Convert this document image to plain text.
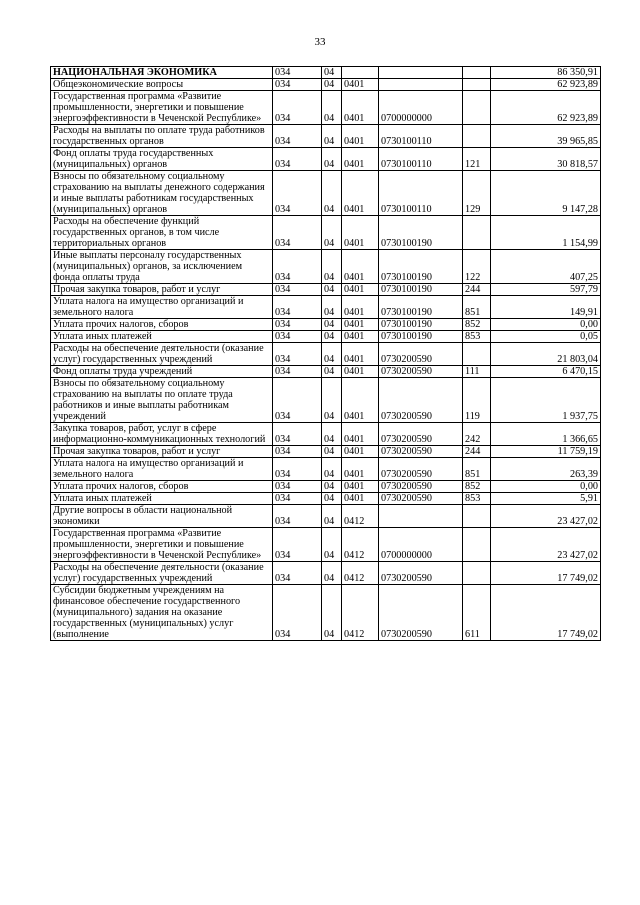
33
НАЦИОНАЛЬНАЯ ЭКОНОМИКА	034	04				86 350,91
Общеэкономические вопросы	034	04	0401			62 923,89
Государственная программа «Развитие промышленности, энергетики и повышение энергоэффективности в Чеченской Республике»	034	04	0401	0700000000		62 923,89
Расходы на выплаты по оплате труда работников государственных органов	034	04	0401	0730100110		39 965,85
Фонд оплаты труда государственных (муниципальных) органов	034	04	0401	0730100110	121	30 818,57
Взносы по обязательному социальному страхованию на выплаты денежного содержания и иные выплаты работникам государственных (муниципальных) органов	034	04	0401	0730100110	129	9 147,28
Расходы на обеспечение функций государственных органов, в том числе территориальных органов	034	04	0401	0730100190		1 154,99
Иные выплаты персоналу государственных (муниципальных) органов, за исключением фонда оплаты труда	034	04	0401	0730100190	122	407,25
Прочая закупка товаров, работ и услуг	034	04	0401	0730100190	244	597,79
Уплата налога на имущество организаций и земельного налога	034	04	0401	0730100190	851	149,91
Уплата прочих налогов, сборов	034	04	0401	0730100190	852	0,00
Уплата иных платежей	034	04	0401	0730100190	853	0,05
Расходы на обеспечение деятельности (оказание услуг) государственных учреждений	034	04	0401	0730200590		21 803,04
Фонд оплаты труда учреждений	034	04	0401	0730200590	111	6 470,15
Взносы по обязательному социальному страхованию на выплаты по оплате труда работников и иные выплаты работникам учреждений	034	04	0401	0730200590	119	1 937,75
Закупка товаров, работ, услуг в сфере информационно-коммуникационных технологий	034	04	0401	0730200590	242	1 366,65
Прочая закупка товаров, работ и услуг	034	04	0401	0730200590	244	11 759,19
Уплата налога на имущество организаций и земельного налога	034	04	0401	0730200590	851	263,39
Уплата прочих налогов, сборов	034	04	0401	0730200590	852	0,00
Уплата иных платежей	034	04	0401	0730200590	853	5,91
Другие вопросы в области национальной экономики	034	04	0412			23 427,02
Государственная программа «Развитие промышленности, энергетики и повышение энергоэффективности в Чеченской Республике»	034	04	0412	0700000000		23 427,02
Расходы на обеспечение деятельности (оказание услуг) государственных учреждений	034	04	0412	0730200590		17 749,02
Субсидии бюджетным учреждениям на финансовое обеспечение государственного (муниципального) задания на оказание государственных (муниципальных) услуг (выполнение	034	04	0412	0730200590	611	17 749,02
